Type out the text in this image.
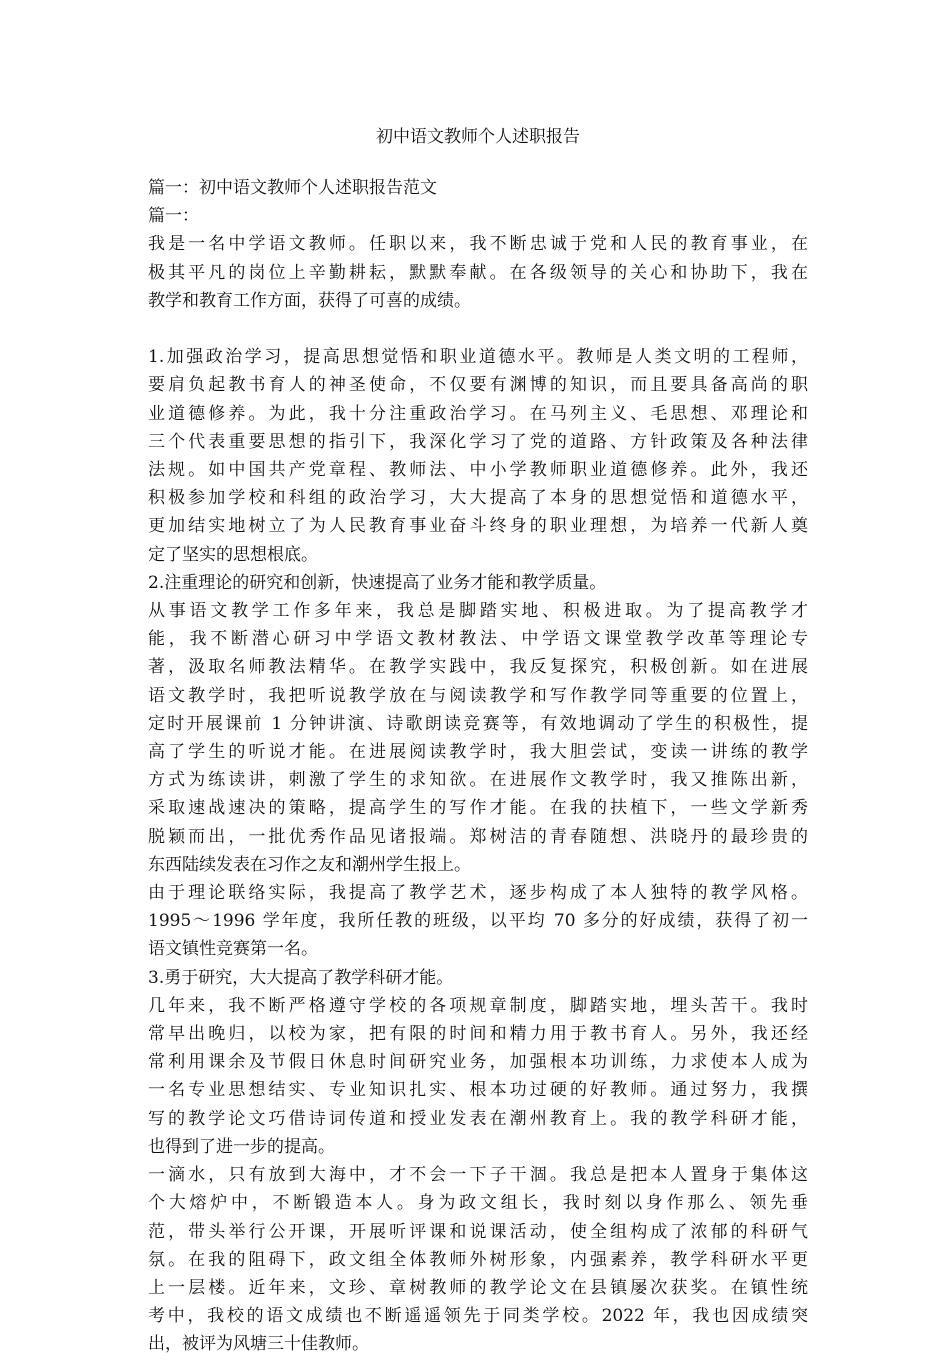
初中语文教师个人述职报告

篇一：初中语文教师个人述职报告范文

篇一：

我是一名中学语文教师。任职以来，我不断忠诚于党和人民的教育事业，在

极其平凡的岗位上辛勤耕耘，默默奉献。在各级领导的关心和协助下，我在

教学和教育工作方面，获得了可喜的成绩。

1.加强政治学习，提高思想觉悟和职业道德水平。教师是人类文明的工程师，

要肩负起教书育人的神圣使命，不仅要有渊博的知识，而且要具备高尚的职

业道德修养。为此，我十分注重政治学习。在马列主义、毛思想、邓理论和

三个代表重要思想的指引下，我深化学习了党的道路、方针政策及各种法律

法规。如中国共产党章程、教师法、中小学教师职业道德修养。此外，我还

积极参加学校和科组的政治学习，大大提高了本身的思想觉悟和道德水平，

更加结实地树立了为人民教育事业奋斗终身的职业理想，为培养一代新人奠

定了坚实的思想根底。

2.注重理论的研究和创新，快速提高了业务才能和教学质量。

从事语文教学工作多年来，我总是脚踏实地、积极进取。为了提高教学才

能，我不断潜心研习中学语文教材教法、中学语文课堂教学改革等理论专

著，汲取名师教法精华。在教学实践中，我反复探究，积极创新。如在进展

语文教学时，我把听说教学放在与阅读教学和写作教学同等重要的位置上，

定时开展课前 1 分钟讲演、诗歌朗读竞赛等，有效地调动了学生的积极性，提

高了学生的听说才能。在进展阅读教学时，我大胆尝试，变读一讲练的教学

方式为练读讲，刺激了学生的求知欲。在进展作文教学时，我又推陈出新，

采取速战速决的策略，提高学生的写作才能。在我的扶植下，一些文学新秀

脱颖而出，一批优秀作品见诸报端。郑树洁的青春随想、洪晓丹的最珍贵的

东西陆续发表在习作之友和潮州学生报上。

由于理论联络实际，我提高了教学艺术，逐步构成了本人独特的教学风格。

1995～1996 学年度，我所任教的班级，以平均 70 多分的好成绩，获得了初一

语文镇性竞赛第一名。

3.勇于研究，大大提高了教学科研才能。

几年来，我不断严格遵守学校的各项规章制度，脚踏实地，埋头苦干。我时

常早出晚归，以校为家，把有限的时间和精力用于教书育人。另外，我还经

常利用课余及节假日休息时间研究业务，加强根本功训练，力求使本人成为

一名专业思想结实、专业知识扎实、根本功过硬的好教师。通过努力，我撰

写的教学论文巧借诗词传道和授业发表在潮州教育上。我的教学科研才能，

也得到了进一步的提高。

一滴水，只有放到大海中，才不会一下子干涸。我总是把本人置身于集体这

个大熔炉中，不断锻造本人。身为政文组长，我时刻以身作那么、领先垂

范，带头举行公开课，开展听评课和说课活动，使全组构成了浓郁的科研气

氛。在我的阻碍下，政文组全体教师外树形象，内强素养，教学科研水平更

上一层楼。近年来，文珍、章树教师的教学论文在县镇屡次获奖。在镇性统

考中，我校的语文成绩也不断遥遥领先于同类学校。2022 年，我也因成绩突

出，被评为风塘三十佳教师。
